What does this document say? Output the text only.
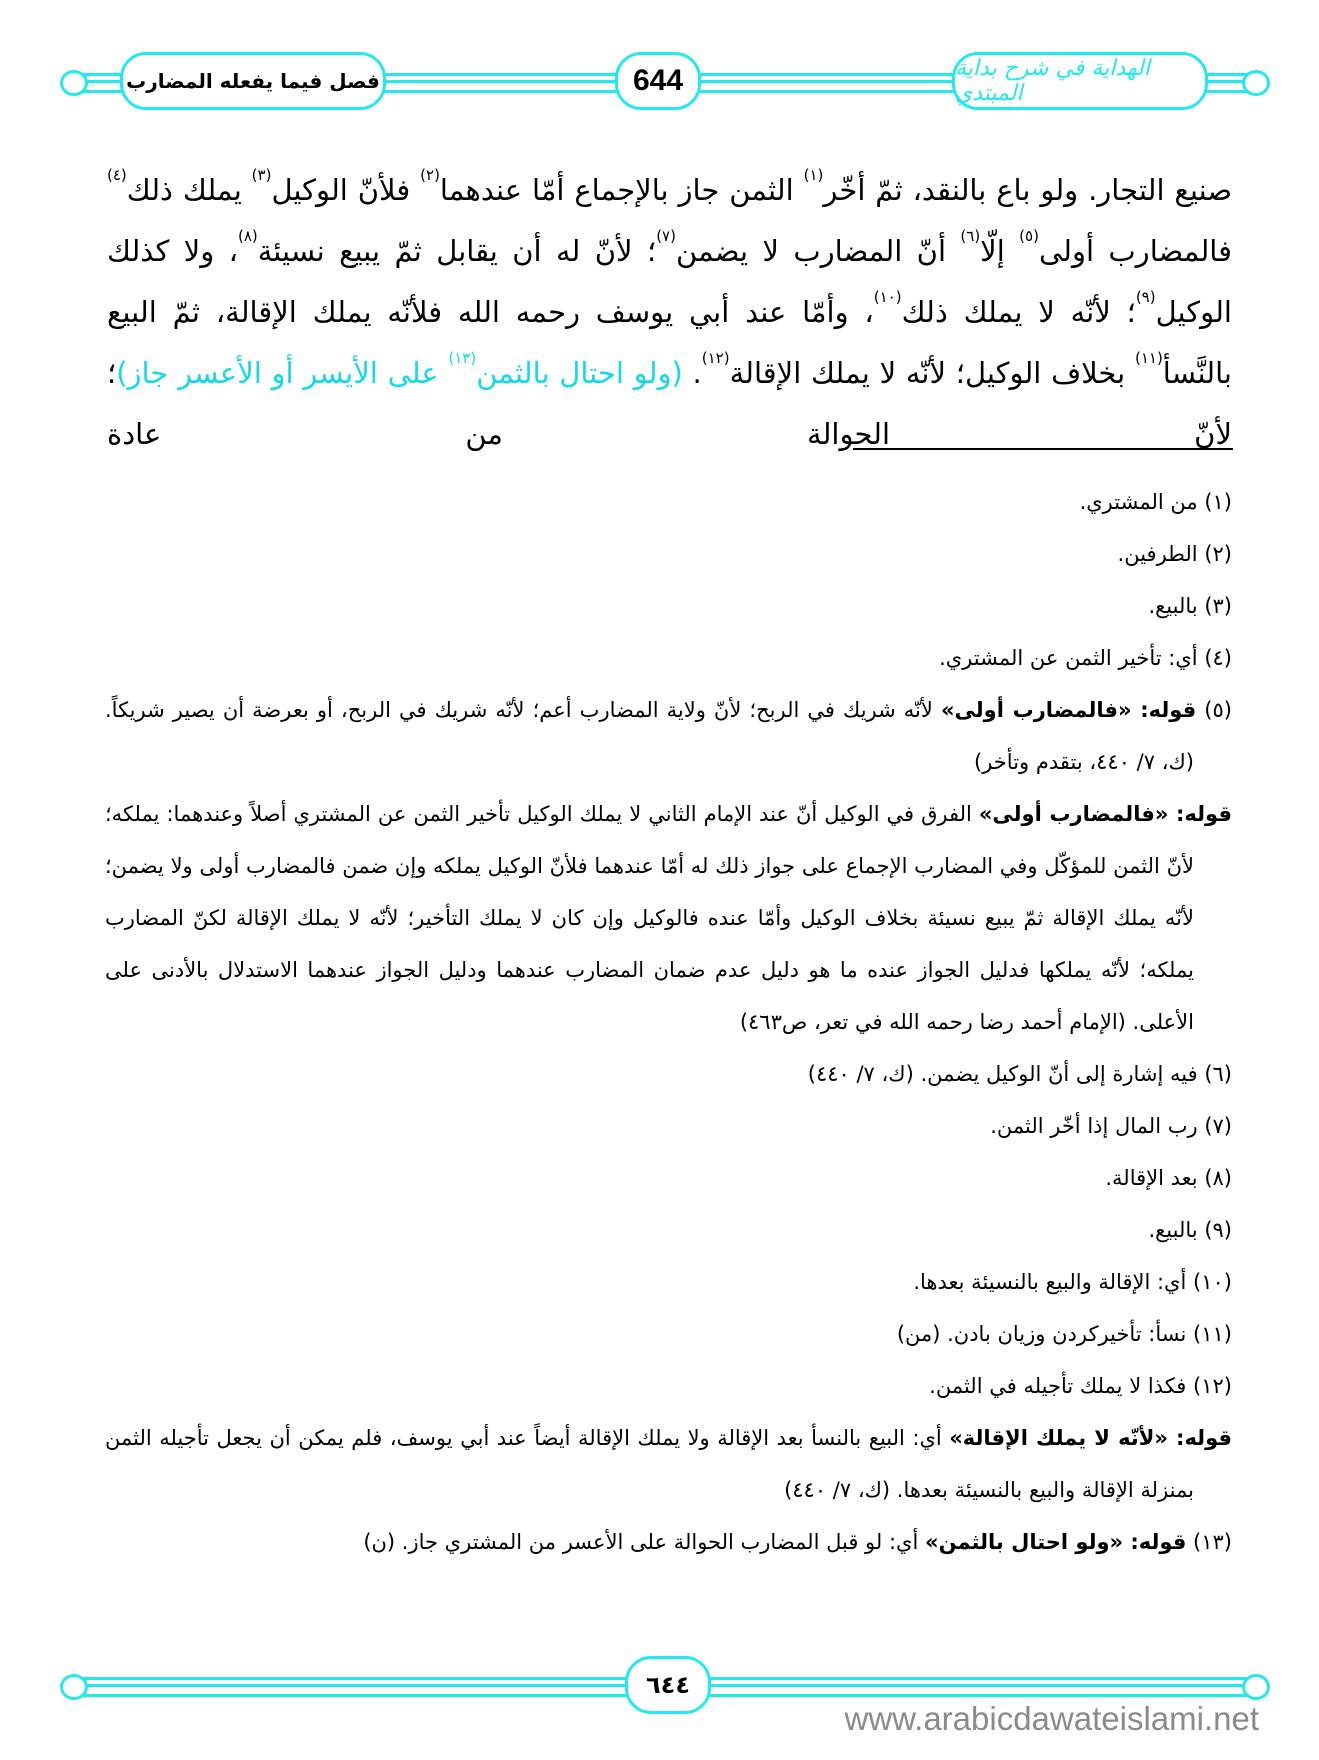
فصل فيما يفعله المضارب	644	الهداية في شرح بداية المبتدي
صنيع التجار. ولو باع بالنقد، ثمّ أخّر$^{(١)}$ الثمن جاز بالإجماع أمّا عندهما$^{(٢)}$ فلأنّ الوكيل$^{(٣)}$ يملك ذلك$^{(٤)}$ فالمضارب أولى$^{(٥)}$ إلّا$^{(٦)}$ أنّ المضارب لا يضمن$^{(٧)}$؛ لأنّ له أن يقابل ثمّ يبيع نسيئة$^{(٨)}$، ولا كذلك الوكيل$^{(٩)}$؛ لأنّه لا يملك ذلك$^{(١٠)}$، وأمّا عند أبي يوسف رحمه الله فلأنّه يملك الإقالة، ثمّ البيع بالنَّسأ$^{(١١)}$ بخلاف الوكيل؛ لأنّه لا يملك الإقالة$^{(١٢)}$. (ولو احتال بالثمن$^{(١٣)}$ على الأيسر أو الأعسر جاز)؛ لأنّ الحوالة من عادة
(١) من المشتري.
(٢) الطرفين.
(٣) بالبيع.
(٤) أي: تأخير الثمن عن المشتري.
(٥) قوله: «فالمضارب أولى» لأنّه شريك في الربح؛ لأنّ ولاية المضارب أعم؛ لأنّه شريك في الربح، أو بعرضة أن يصير شريكاً. (ك، ٧/ ٤٤٠، بتقدم وتأخر)
قوله: «فالمضارب أولى» الفرق في الوكيل أنّ عند الإمام الثاني لا يملك الوكيل تأخير الثمن عن المشتري أصلاً وعندهما: يملكه؛ لأنّ الثمن للمؤكّل وفي المضارب الإجماع على جواز ذلك له أمّا عندهما فلأنّ الوكيل يملكه وإن ضمن فالمضارب أولى ولا يضمن؛ لأنّه يملك الإقالة ثمّ يبيع نسيئة بخلاف الوكيل وأمّا عنده فالوكيل وإن كان لا يملك التأخير؛ لأنّه لا يملك الإقالة لكنّ المضارب يملكه؛ لأنّه يملكها فدليل الجواز عنده ما هو دليل عدم ضمان المضارب عندهما ودليل الجواز عندهما الاستدلال بالأدنى على الأعلى. (الإمام أحمد رضا رحمه الله في تعر، ص٤٦٣)
(٦) فيه إشارة إلى أنّ الوكيل يضمن. (ك، ٧/ ٤٤٠)
(٧) رب المال إذا أخّر الثمن.
(٨) بعد الإقالة.
(٩) بالبيع.
(١٠) أي: الإقالة والبيع بالنسيئة بعدها.
(١١) نسأ: تأخيركردن وزيان بادن. (من)
(١٢) فكذا لا يملك تأجيله في الثمن.
قوله: «لأنّه لا يملك الإقالة» أي: البيع بالنسأ بعد الإقالة ولا يملك الإقالة أيضاً عند أبي يوسف، فلم يمكن أن يجعل تأجيله الثمن بمنزلة الإقالة والبيع بالنسيئة بعدها. (ك، ٧/ ٤٤٠)
(١٣) قوله: «ولو احتال بالثمن» أي: لو قبل المضارب الحوالة على الأعسر من المشتري جاز. (ن)
٦٤٤
www.arabicdawateislami.net
